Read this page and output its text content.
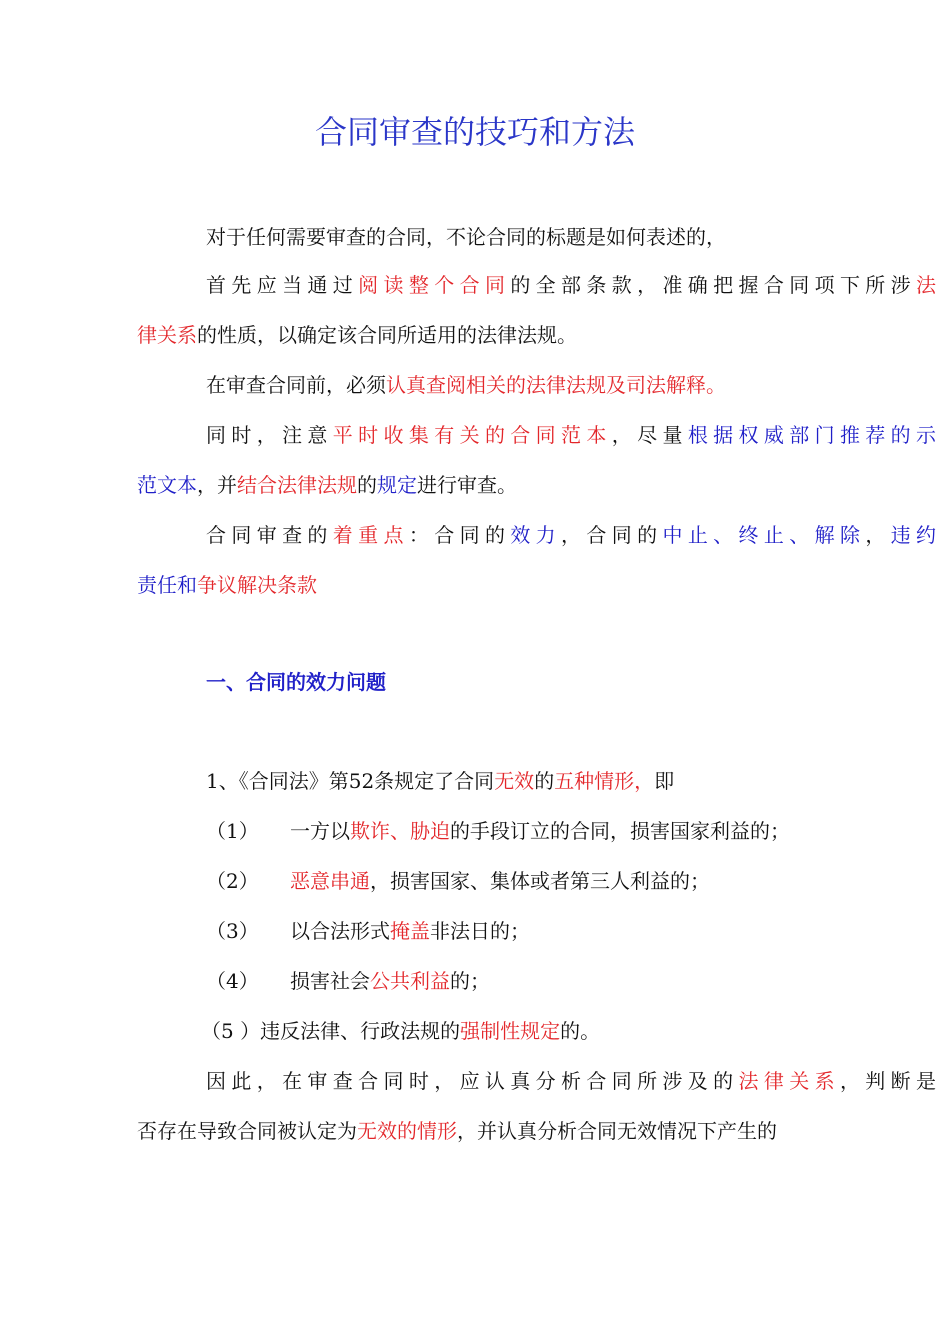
合同审查的技巧和方法
对于任何需要审查的合同，不论合同的标题是如何表述的，
首先应当通过阅读整个合同的全部条款，准确把握合同项下所涉法
律关系的性质，以确定该合同所适用的法律法规。
在审查合同前，必须认真查阅相关的法律法规及司法解释。
同时，注意平时收集有关的合同范本，尽量根据权威部门推荐的示
范文本，并结合法律法规的规定进行审查。
合同审查的着重点：合同的效力，合同的中止、终止、解除，违约
责任和争议解决条款
一、合同的效力问题
1、《合同法》第52条规定了合同无效的五种情形，即
（1） 一方以欺诈、胁迫的手段订立的合同，损害国家利益的；
（2） 恶意串通，损害国家、集体或者第三人利益的；
（3） 以合法形式掩盖非法日的；
（4） 损害社会公共利益的；
（5 ）违反法律、行政法规的强制性规定的。
因此，在审查合同时，应认真分析合同所涉及的法律关系，判断是
否存在导致合同被认定为无效的情形，并认真分析合同无效情况下产生的
